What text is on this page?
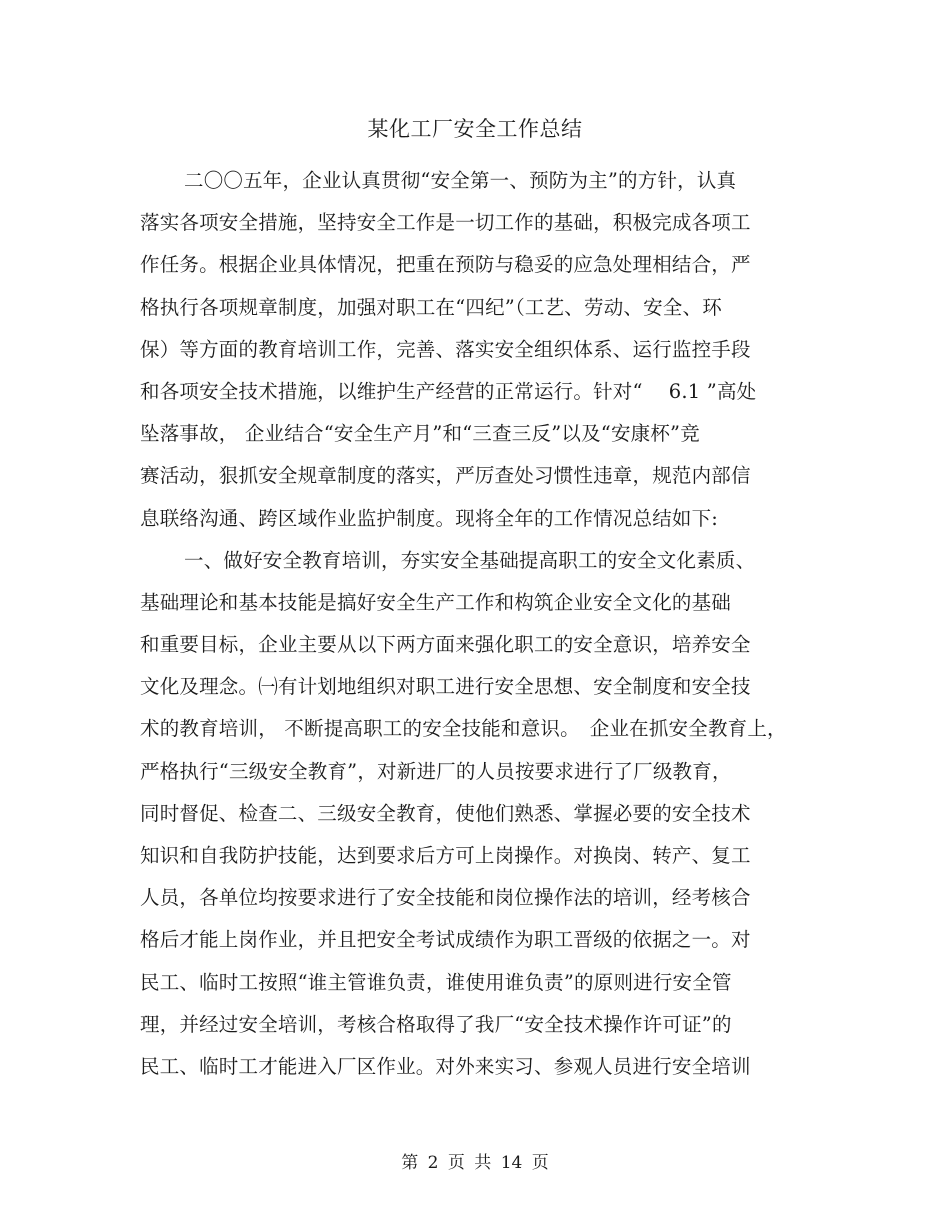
某化工厂安全工作总结
二〇〇五年，企业认真贯彻“安全第一、预防为主”的方针，认真
落实各项安全措施，坚持安全工作是一切工作的基础，积极完成各项工
作任务。根据企业具体情况，把重在预防与稳妥的应急处理相结合，严
格执行各项规章制度，加强对职工在“四纪”（工艺、劳动、安全、环
保）等方面的教育培训工作，完善、落实安全组织体系、运行监控手段
和各项安全技术措施，以维护生产经营的正常运行。针对“　 6.1 ”高处
坠落事故， 企业结合“安全生产月”和“三查三反”以及“安康杯”竞
赛活动，狠抓安全规章制度的落实，严厉查处习惯性违章，规范内部信
息联络沟通、跨区域作业监护制度。现将全年的工作情况总结如下:
一、做好安全教育培训，夯实安全基础提高职工的安全文化素质、
基础理论和基本技能是搞好安全生产工作和构筑企业安全文化的基础
和重要目标，企业主要从以下两方面来强化职工的安全意识，培养安全
文化及理念。㈠有计划地组织对职工进行安全思想、安全制度和安全技
术的教育培训， 不断提高职工的安全技能和意识。　企业在抓安全教育上，
严格执行“三级安全教育”，对新进厂的人员按要求进行了厂级教育，
同时督促、检查二、三级安全教育，使他们熟悉、掌握必要的安全技术
知识和自我防护技能，达到要求后方可上岗操作。对换岗、转产、复工
人员，各单位均按要求进行了安全技能和岗位操作法的培训，经考核合
格后才能上岗作业，并且把安全考试成绩作为职工晋级的依据之一。对
民工、临时工按照“谁主管谁负责，谁使用谁负责”的原则进行安全管
理，并经过安全培训，考核合格取得了我厂“安全技术操作许可证”的
民工、临时工才能进入厂区作业。对外来实习、参观人员进行安全培训
第 2 页 共 14 页
